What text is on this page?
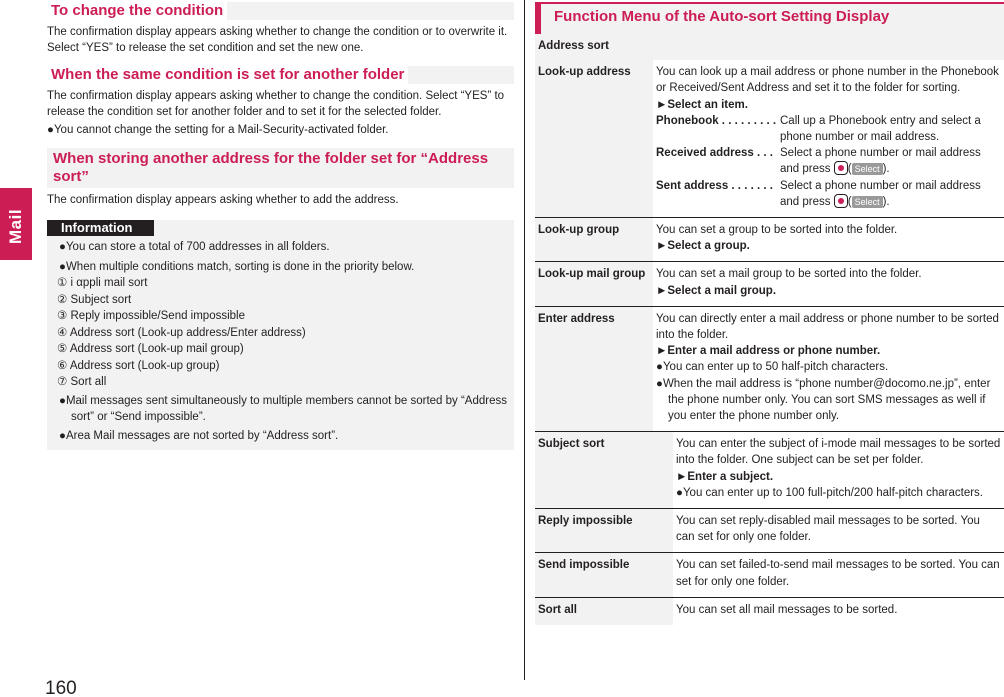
Mail
160
To change the condition

The confirmation display appears asking whether to change the condition or to overwrite it. Select “YES” to release the set condition and set the new one.

When the same condition is set for another folder

The confirmation display appears asking whether to change the condition. Select “YES” to release the condition set for another folder and to set it for the selected folder.

●You cannot change the setting for a Mail-Security-activated folder.

When storing another address for the folder set for “Address sort”

The confirmation display appears asking whether to add the address.

Information

●You can store a total of 700 addresses in all folders.

●When multiple conditions match, sorting is done in the priority below.

① i αppli mail sort

② Subject sort

③ Reply impossible/Send impossible

④ Address sort (Look-up address/Enter address)

⑤ Address sort (Look-up mail group)

⑥ Address sort (Look-up group)

⑦ Sort all

●Mail messages sent simultaneously to multiple members cannot be sorted by “Address sort” or “Send impossible”.

●Area Mail messages are not sorted by “Address sort”.

Function Menu of the Auto-sort Setting Display
Address sort

Look-up address	You can look up a mail address or phone number in the Phonebook or Received/Sent Address and set it to the folder for sorting.
►Select an item.
Phonebook . . . . . . . . . Call up a Phonebook entry and select a phone number or mail address.
Received address . . . Select a phone number or mail address and press ( Select ).
Sent address . . . . . . . Select a phone number or mail address and press ( Select ).

Look-up group	You can set a group to be sorted into the folder.
►Select a group.

Look-up mail group	You can set a mail group to be sorted into the folder.
►Select a mail group.

Enter address	You can directly enter a mail address or phone number to be sorted into the folder.
►Enter a mail address or phone number.
●You can enter up to 50 half-pitch characters.
●When the mail address is “phone number@docomo.ne.jp”, enter the phone number only. You can sort SMS messages as well if you enter the phone number only.

Subject sort	You can enter the subject of i-mode mail messages to be sorted into the folder. One subject can be set per folder.
►Enter a subject.
●You can enter up to 100 full-pitch/200 half-pitch characters.

Reply impossible	You can set reply-disabled mail messages to be sorted. You can set for only one folder.

Send impossible	You can set failed-to-send mail messages to be sorted. You can set for only one folder.

Sort all	You can set all mail messages to be sorted.
